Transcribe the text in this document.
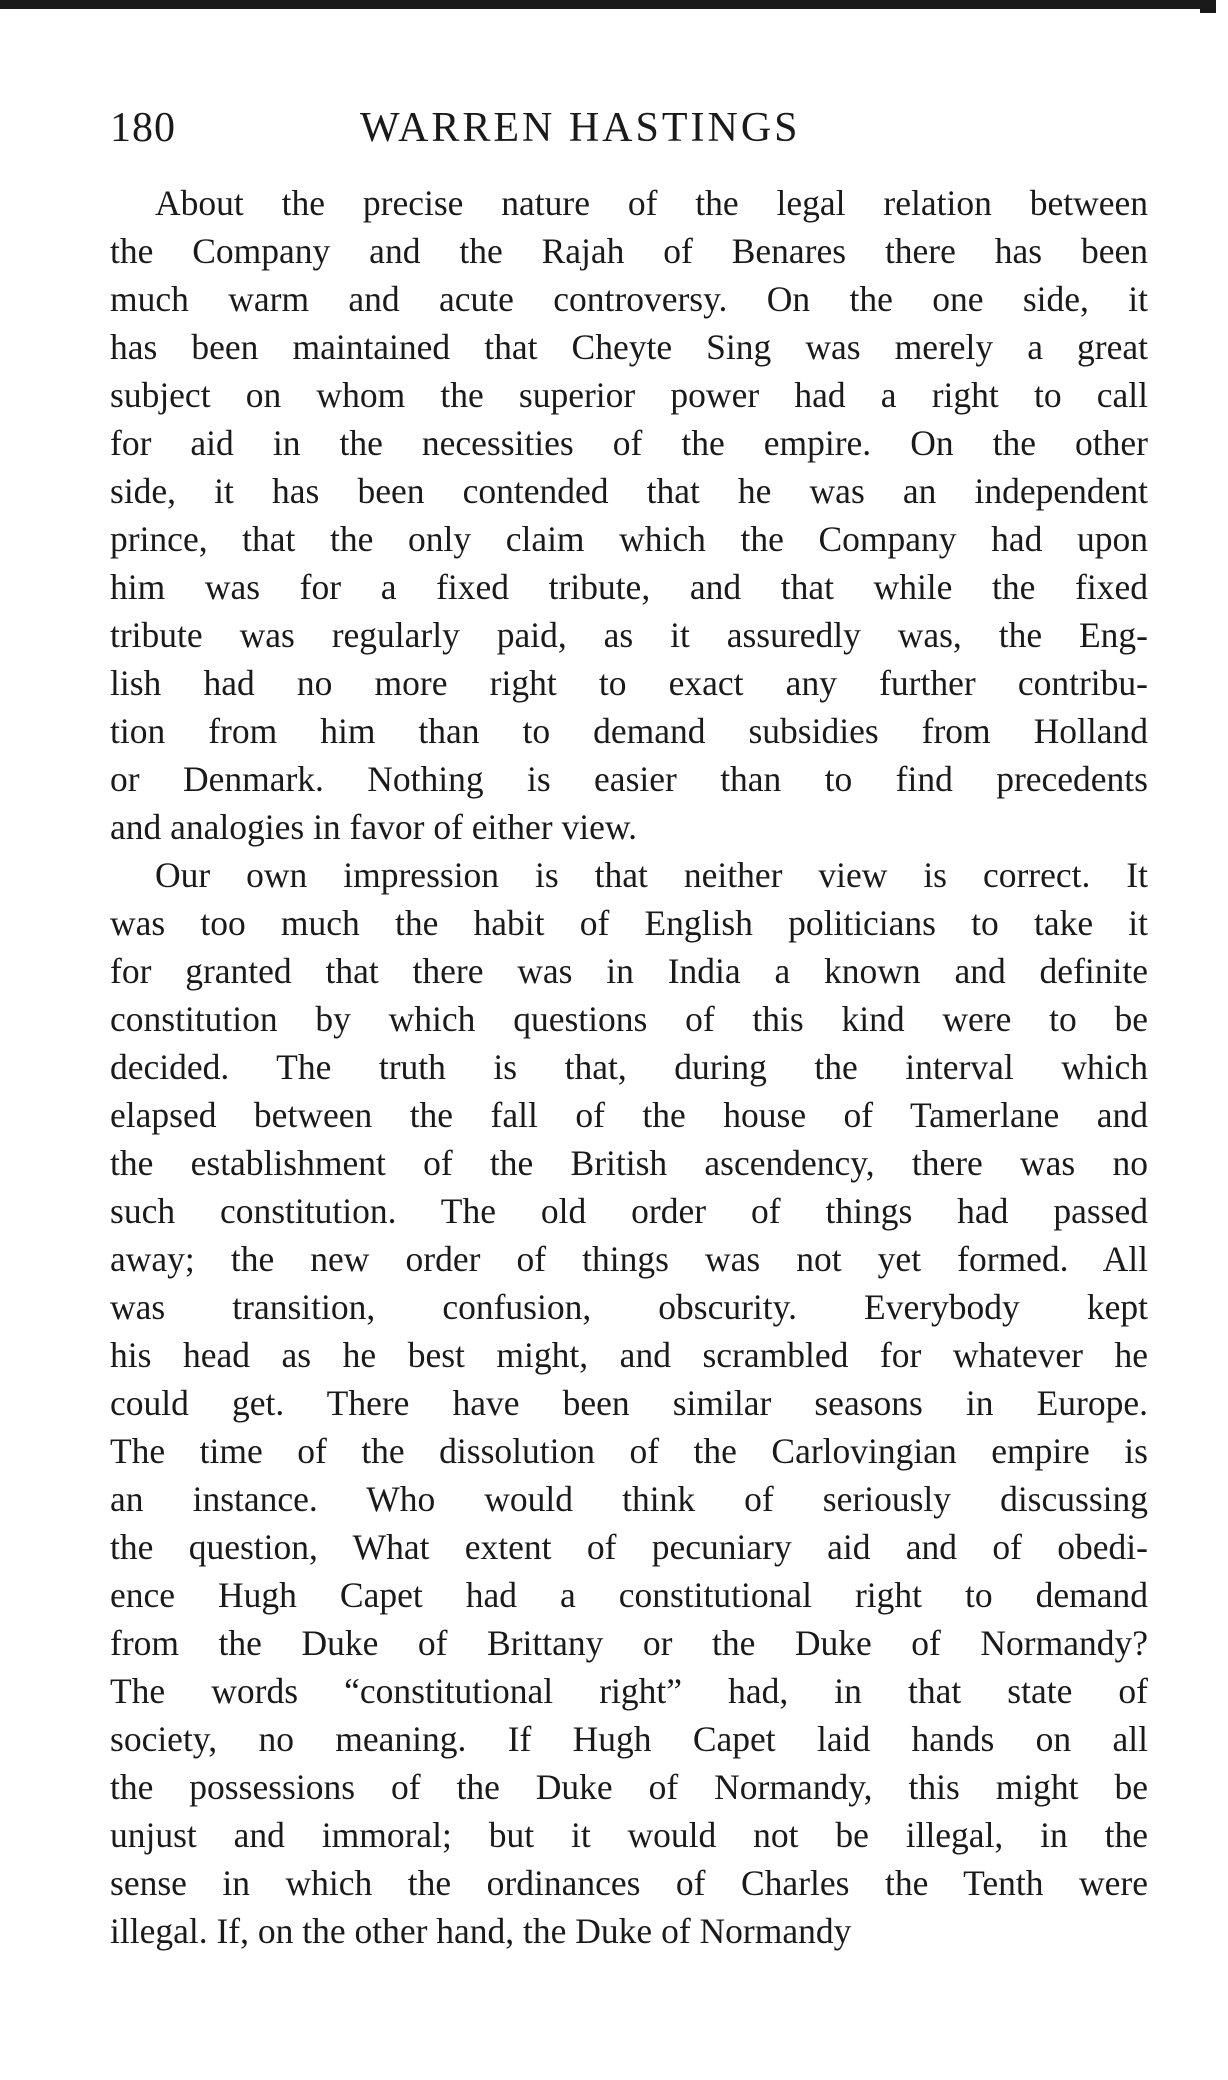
180	WARREN HASTINGS
About the precise nature of the legal relation between
the Company and the Rajah of Benares there has been
much warm and acute controversy. On the one side, it
has been maintained that Cheyte Sing was merely a great
subject on whom the superior power had a right to call
for aid in the necessities of the empire. On the other
side, it has been contended that he was an independent
prince, that the only claim which the Company had upon
him was for a fixed tribute, and that while the fixed
tribute was regularly paid, as it assuredly was, the Eng-
lish had no more right to exact any further contribu-
tion from him than to demand subsidies from Holland
or Denmark. Nothing is easier than to find precedents
and analogies in favor of either view.
Our own impression is that neither view is correct. It
was too much the habit of English politicians to take it
for granted that there was in India a known and definite
constitution by which questions of this kind were to be
decided. The truth is that, during the interval which
elapsed between the fall of the house of Tamerlane and
the establishment of the British ascendency, there was no
such constitution. The old order of things had passed
away; the new order of things was not yet formed. All
was transition, confusion, obscurity. Everybody kept
his head as he best might, and scrambled for whatever he
could get. There have been similar seasons in Europe.
The time of the dissolution of the Carlovingian empire is
an instance. Who would think of seriously discussing
the question, What extent of pecuniary aid and of obedi-
ence Hugh Capet had a constitutional right to demand
from the Duke of Brittany or the Duke of Normandy?
The words “constitutional right” had, in that state of
society, no meaning. If Hugh Capet laid hands on all
the possessions of the Duke of Normandy, this might be
unjust and immoral; but it would not be illegal, in the
sense in which the ordinances of Charles the Tenth were
illegal. If, on the other hand, the Duke of Normandy
